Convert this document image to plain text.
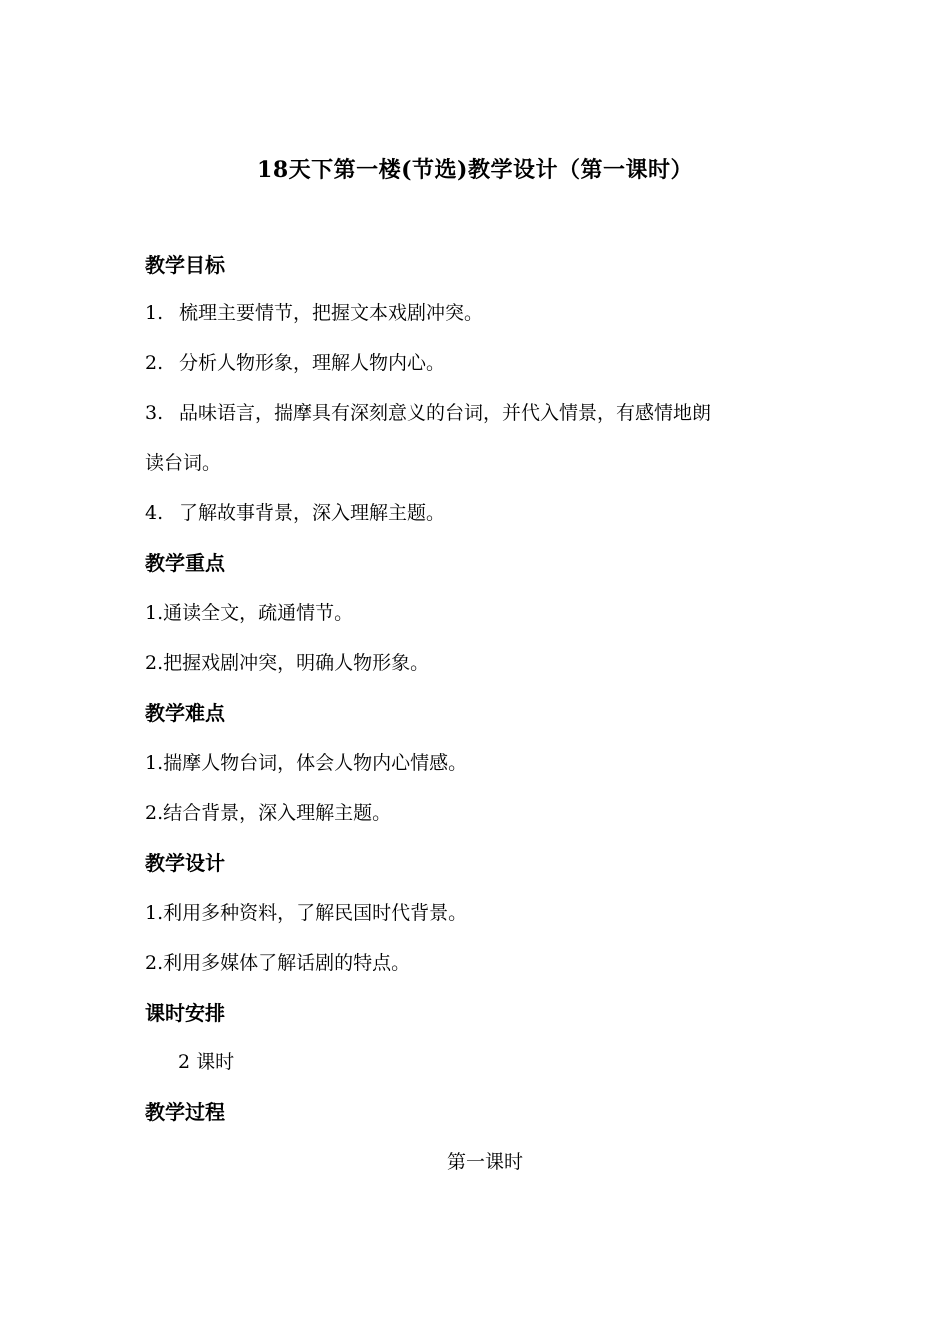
18天下第一楼(节选)教学设计（第一课时）
教学目标
1. 梳理主要情节，把握文本戏剧冲突。
2. 分析人物形象，理解人物内心。
3. 品味语言，揣摩具有深刻意义的台词，并代入情景，有感情地朗
读台词。
4. 了解故事背景，深入理解主题。
教学重点
1.通读全文，疏通情节。
2.把握戏剧冲突，明确人物形象。
教学难点
1.揣摩人物台词，体会人物内心情感。
2.结合背景，深入理解主题。
教学设计
1.利用多种资料，了解民国时代背景。
2.利用多媒体了解话剧的特点。
课时安排
2 课时
教学过程
第一课时
